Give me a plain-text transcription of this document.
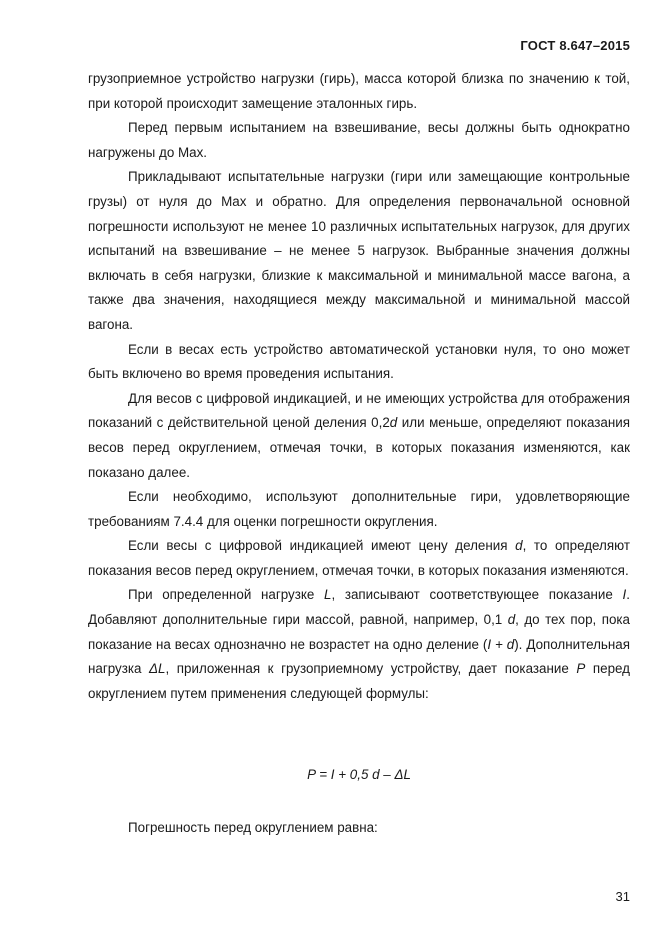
ГОСТ 8.647–2015

грузоприемное устройство нагрузки (гирь), масса которой близка по значению к той, при которой происходит замещение эталонных гирь.

Перед первым испытанием на взвешивание, весы должны быть однократно нагружены до Max.

Прикладывают испытательные нагрузки (гири или замещающие контрольные грузы) от нуля до Max и обратно. Для определения первоначальной основной погрешности используют не менее 10 различных испытательных нагрузок, для других испытаний на взвешивание – не менее 5 нагрузок. Выбранные значения должны включать в себя нагрузки, близкие к максимальной и минимальной массе вагона, а также два значения, находящиеся между максимальной и минимальной массой вагона.

Если в весах есть устройство автоматической установки нуля, то оно может быть включено во время проведения испытания.

Для весов с цифровой индикацией, и не имеющих устройства для отображения показаний с действительной ценой деления 0,2d или меньше, определяют показания весов перед округлением, отмечая точки, в которых показания изменяются, как показано далее.

Если необходимо, используют дополнительные гири, удовлетворяющие требованиям 7.4.4 для оценки погрешности округления.

Если весы с цифровой индикацией имеют цену деления d, то определяют показания весов перед округлением, отмечая точки, в которых показания изменяются.

При определенной нагрузке L, записывают соответствующее показание I. Добавляют дополнительные гири массой, равной, например, 0,1 d, до тех пор, пока показание на весах однозначно не возрастет на одно деление (I + d). Дополнительная нагрузка ΔL, приложенная к грузоприемному устройству, дает показание P перед округлением путем применения следующей формулы:

P = I + 0,5 d – ΔL
Погрешность перед округлением равна:
31
